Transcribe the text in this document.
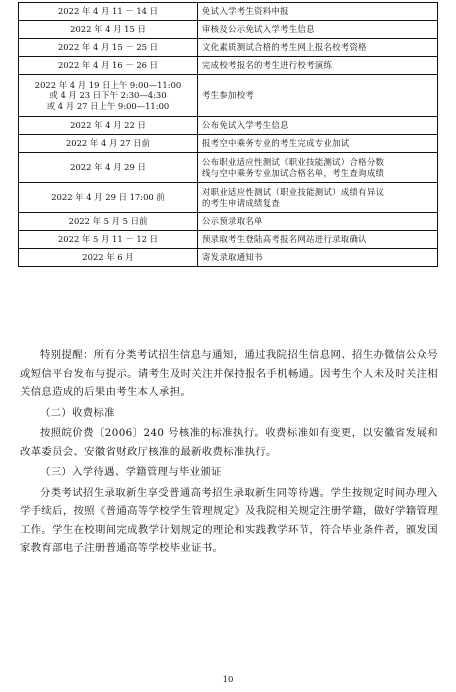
2022 年 4 月 11 － 14 日	免试入学考生资料申报

2022 年 4 月 15 日	审核及公示免试入学考生信息

2022 年 4 月 15 － 25 日	文化素质测试合格的考生网上报名校考资格

2022 年 4 月 16 － 26 日	完成校考报名的考生进行校考演练

2022 年 4 月 19 日上午 9:00—11:00
或 4 月 23 日下午 2:30—4:30
或 4 月 27 日上午 9:00—11:00	考生参加校考

2022 年 4 月 22 日	公布免试入学考生信息

2022 年 4 月 27 日前	报考空中乘务专业的考生完成专业加试

2022 年 4 月 29 日	公布职业适应性测试（职业技能测试）合格分数
线与空中乘务专业加试合格名单，考生查询成绩

2022 年 4 月 29 日 17:00 前	对职业适应性测试（职业技能测试）成绩有异议
的考生申请成绩复查

2022 年 5 月 5 日前	公示预录取名单

2022 年 5 月 11 － 12 日	预录取考生登陆高考报名网站进行录取确认

2022 年 6 月	寄发录取通知书

特别提醒：所有分类考试招生信息与通知，通过我院招生信息网、招生办微信公众号或短信平台发布与提示。请考生及时关注并保持报名手机畅通。因考生个人未及时关注相关信息造成的后果由考生本人承担。

（二）收费标准

按照皖价费〔2006〕240 号核准的标准执行。收费标准如有变更，以安徽省发展和改革委员会、安徽省财政厅核准的最新收费标准执行。

（三）入学待遇、学籍管理与毕业颁证

分类考试招生录取新生享受普通高考招生录取新生同等待遇。学生按规定时间办理入学手续后，按照《普通高等学校学生管理规定》及我院相关规定注册学籍，做好学籍管理工作。学生在校期间完成教学计划规定的理论和实践教学环节，符合毕业条件者，颁发国家教育部电子注册普通高等学校毕业证书。

10
